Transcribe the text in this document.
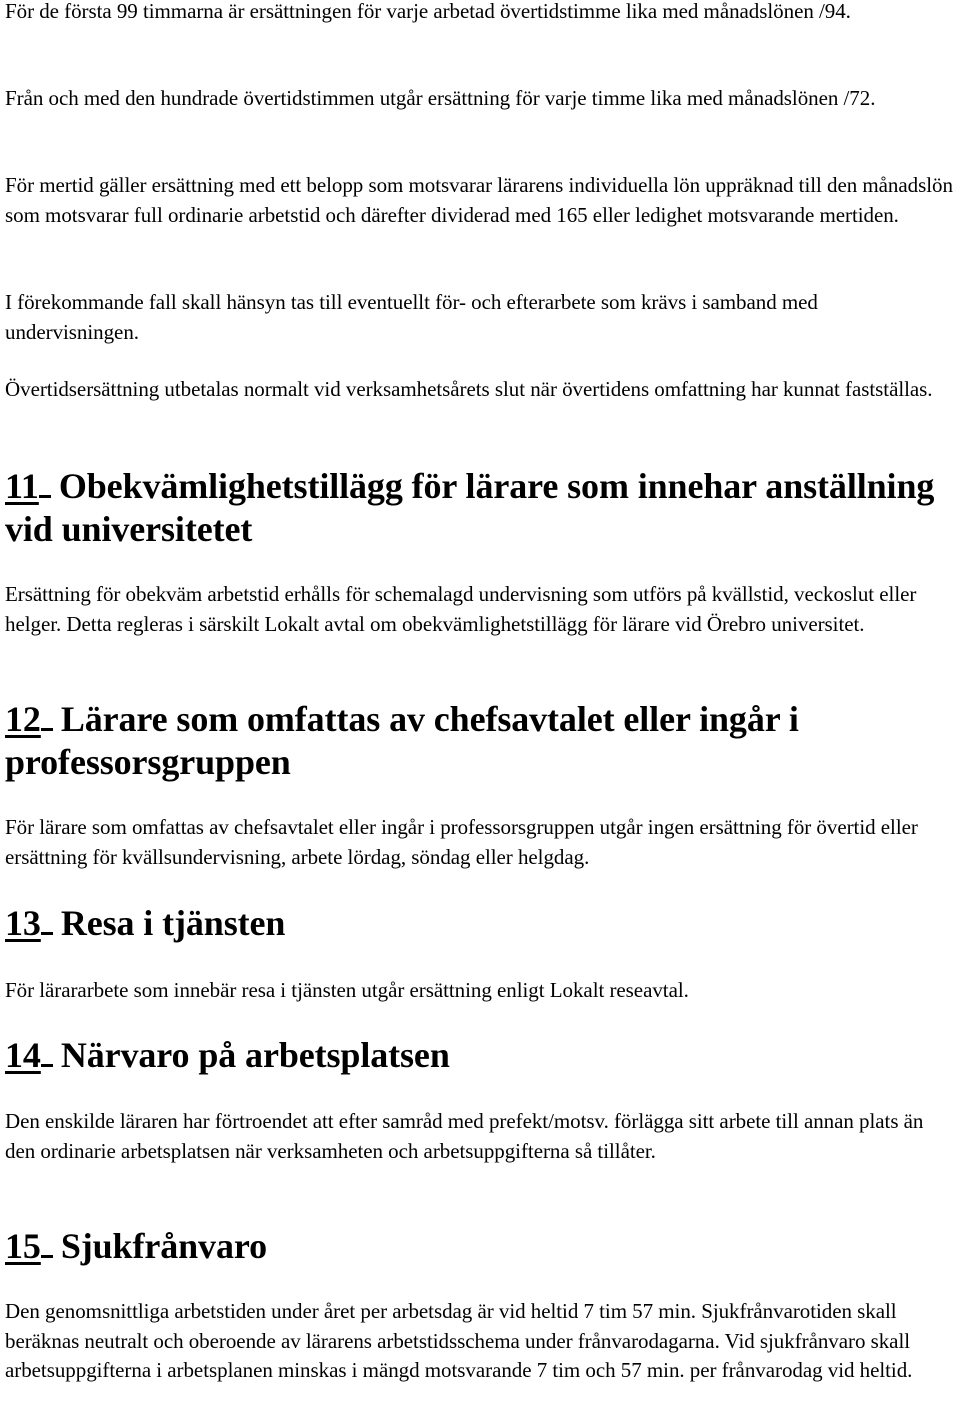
För de första 99 timmarna är ersättningen för varje arbetad övertidstimme lika med månadslönen /94.

Från och med den hundrade övertidstimmen utgår ersättning för varje timme lika med månadslönen /72.

För mertid gäller ersättning med ett belopp som motsvarar lärarens individuella lön uppräknad till den månadslön som motsvarar full ordinarie arbetstid och därefter dividerad med 165 eller ledighet motsvarande mertiden.

I förekommande fall skall hänsyn tas till eventuellt för- och efterarbete som krävs i samband med undervisningen.

Övertidsersättning utbetalas normalt vid verksamhetsårets slut när övertidens omfattning har kunnat fastställas.

11 Obekvämlighetstillägg för lärare som innehar anställning vid universitetet

Ersättning för obekväm arbetstid erhålls för schemalagd undervisning som utförs på kvällstid, veckoslut eller helger. Detta regleras i särskilt Lokalt avtal om obekvämlighetstillägg för lärare vid Örebro universitet.

12 Lärare som omfattas av chefsavtalet eller ingår i professorsgruppen

För lärare som omfattas av chefsavtalet eller ingår i professorsgruppen utgår ingen ersättning för övertid eller ersättning för kvällsundervisning, arbete lördag, söndag eller helgdag.

13 Resa i tjänsten

För lärararbete som innebär resa i tjänsten utgår ersättning enligt Lokalt reseavtal.

14 Närvaro på arbetsplatsen

Den enskilde läraren har förtroendet att efter samråd med prefekt/motsv. förlägga sitt arbete till annan plats än den ordinarie arbetsplatsen när verksamheten och arbetsuppgifterna så tillåter.

15 Sjukfrånvaro

Den genomsnittliga arbetstiden under året per arbetsdag är vid heltid 7 tim 57 min. Sjukfrånvarotiden skall beräknas neutralt och oberoende av lärarens arbetstidsschema under frånvarodagarna. Vid sjukfrånvaro skall arbetsuppgifterna i arbetsplanen minskas i mängd motsvarande 7 tim och 57 min. per frånvarodag vid heltid.
